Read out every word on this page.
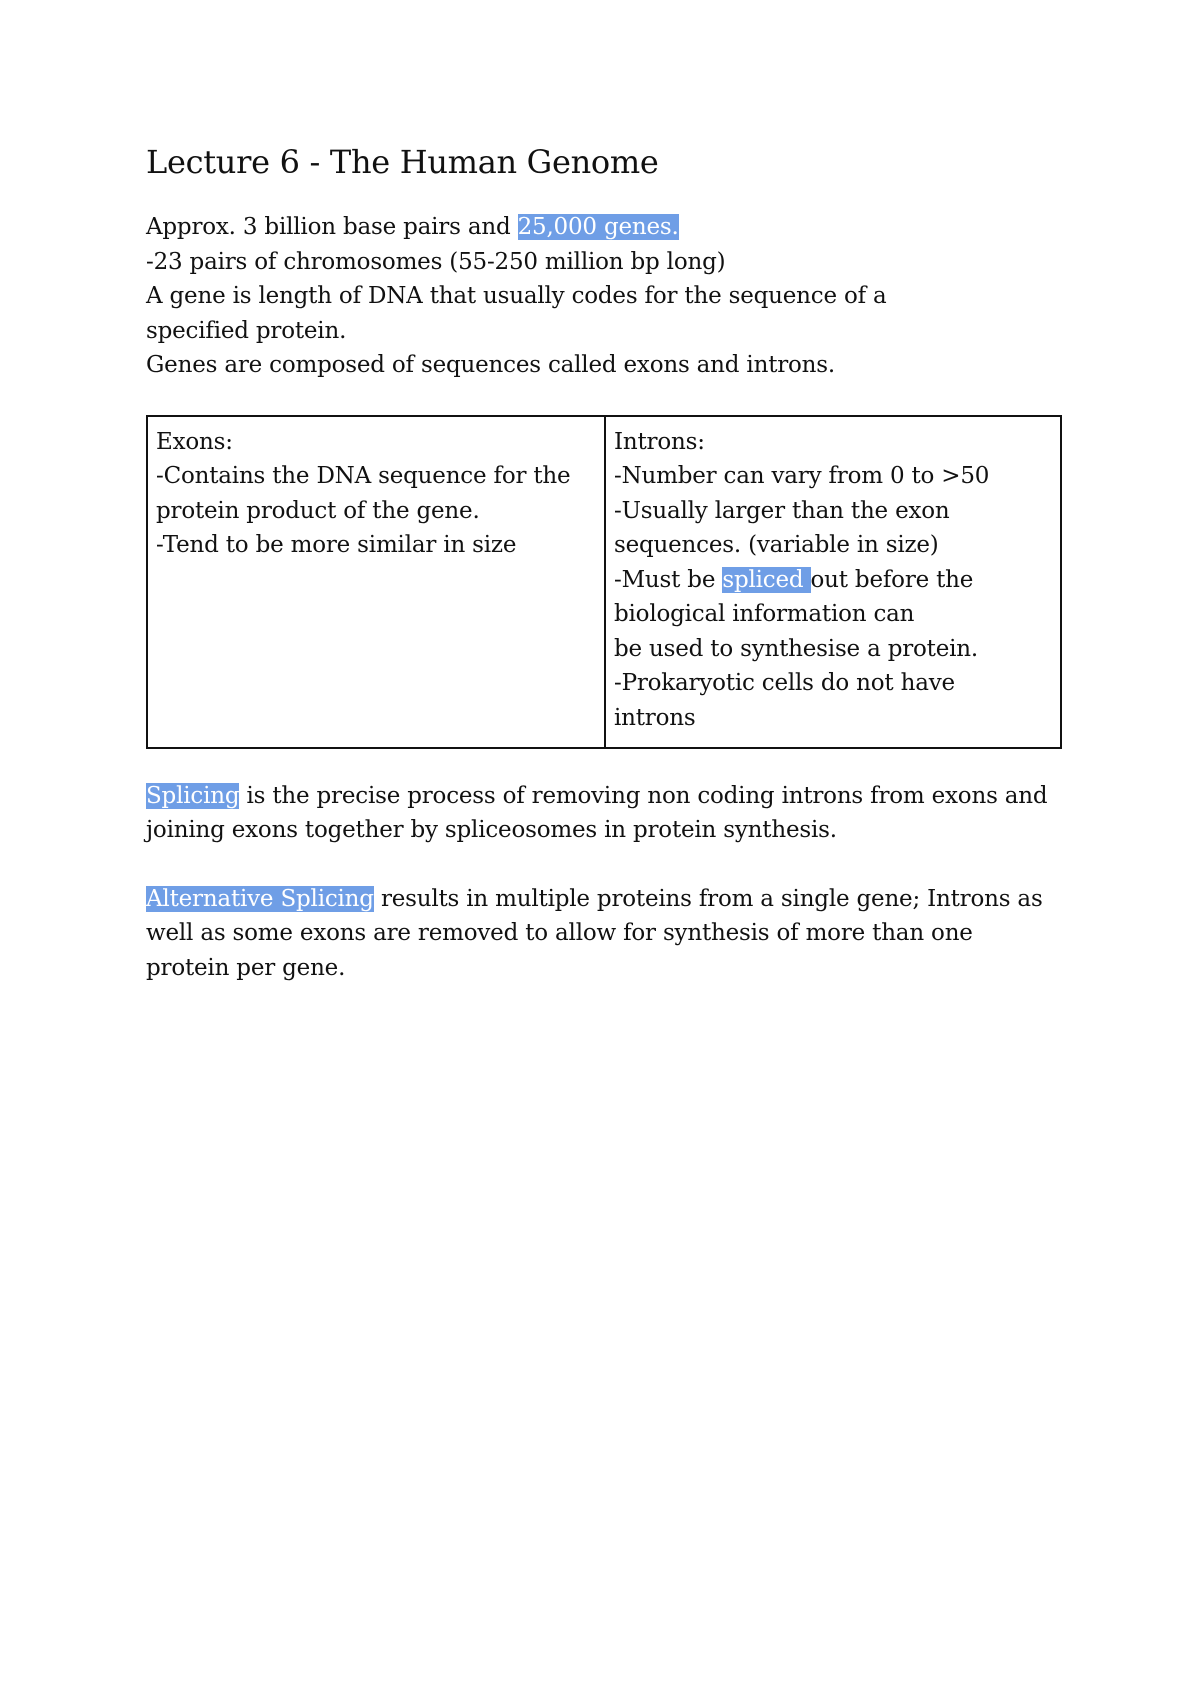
Lecture 6 - The Human Genome

Approx. 3 billion base pairs and 25,000 genes.

-23 pairs of chromosomes (55-250 million bp long)

A gene is length of DNA that usually codes for the sequence of a

specified protein.

Genes are composed of sequences called exons and introns.

Exons:

-Contains the DNA sequence for the

protein product of the gene.

-Tend to be more similar in size

Introns:

-Number can vary from 0 to >50

-Usually larger than the exon

sequences. (variable in size)

-Must be spliced out before the

biological information can

be used to synthesise a protein.

-Prokaryotic cells do not have

introns

Splicing is the precise process of removing non coding introns from exons and

joining exons together by spliceosomes in protein synthesis.

Alternative Splicing results in multiple proteins from a single gene; Introns as

well as some exons are removed to allow for synthesis of more than one

protein per gene.
